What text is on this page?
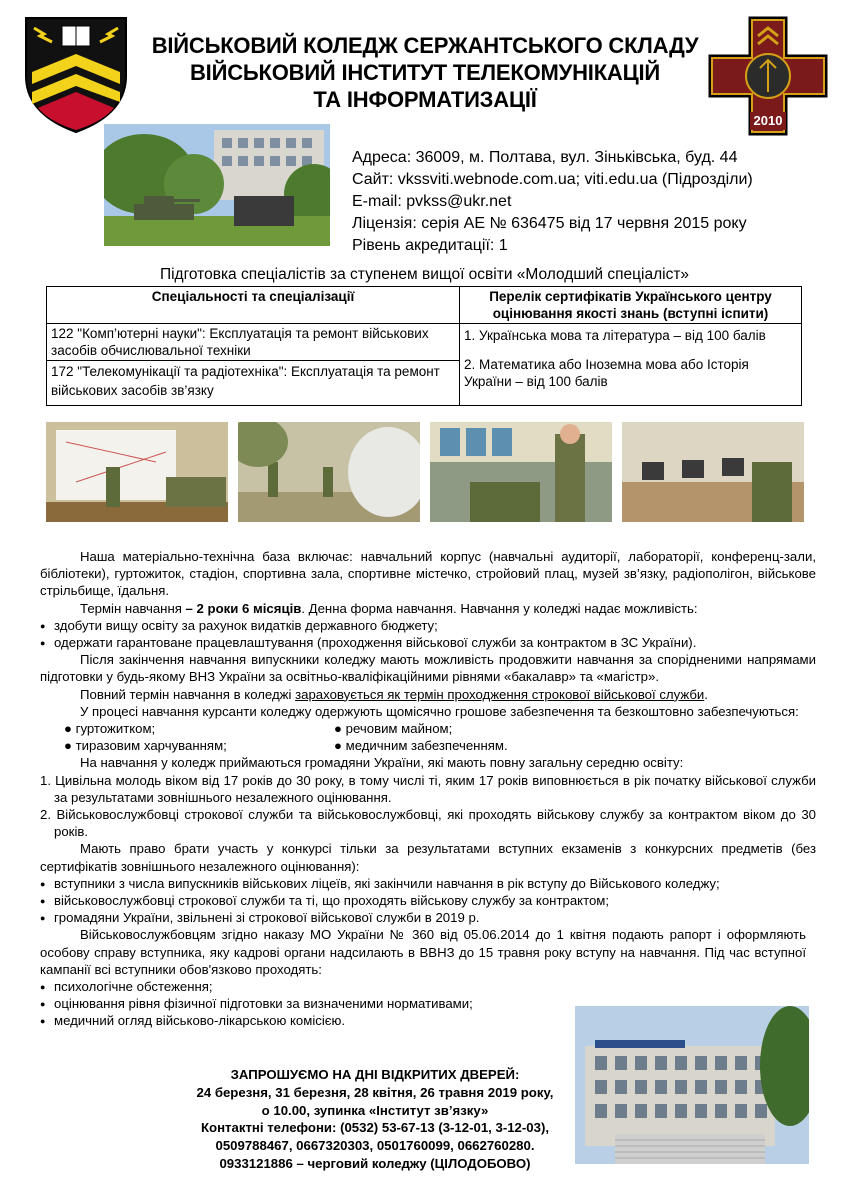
ВІЙСЬКОВИЙ КОЛЕДЖ СЕРЖАНТСЬКОГО СКЛАДУ
ВІЙСЬКОВИЙ ІНСТИТУТ ТЕЛЕКОМУНІКАЦІЙ
ТА ІНФОРМАТИЗАЦІЇ
2010
Адреса: 36009, м. Полтава, вул. Зіньківська, буд. 44
Сайт: vkssviti.webnode.com.ua; viti.edu.ua (Підрозділи)
E-mail: pvkss@ukr.net
Ліцензія: серія АЕ № 636475 від 17 червня 2015 року
Рівень акредитації: 1
Підготовка спеціалістів за ступенем вищої освіти «Молодший спеціаліст»
Спеціальності та спеціалізації	Перелік сертифікатів Українського центру оцінювання якості знань (вступні іспити)
122 "Комп’ютерні науки": Експлуатація та ремонт військових засобів обчислювальної техніки	1. Українська мова та література – від 100 балів
2. Математика або Іноземна мова або Історія України – від 100 балів

172 "Телекомунікації та радіотехніка": Експлуатація та ремонт військових засобів зв’язку	

Наша матеріально-технічна база включає: навчальний корпус (навчальні аудиторії, лабораторії, конференц-зали, бібліотеки), гуртожиток, стадіон, спортивна зала, спортивне містечко, стройовий плац, музей зв’язку, радіополігон, військове стрільбище, їдальня.

Термін навчання – 2 роки 6 місяців. Денна форма навчання. Навчання у коледжі надає можливість:

● здобути вищу освіту за рахунок видатків державного бюджету;

● одержати гарантоване працевлаштування (проходження військової служби за контрактом в ЗС України).

Після закінчення навчання випускники коледжу мають можливість продовжити навчання за спорідненими напрямами підготовки у будь-якому ВНЗ України за освітньо-кваліфікаційними рівнями «бакалавр» та «магістр».

Повний термін навчання в коледжі зараховується як термін проходження строкової військової служби.

У процесі навчання курсанти коледжу одержують щомісячно грошове забезпечення та безкоштовно забезпечуються:

● гуртожитком;	● речовим майном;
● тиразовим харчуванням;	● медичним забезпеченням.

На навчання у коледж приймаються громадяни України, які мають повну загальну середню освіту:

1. Цивільна молодь віком від 17 років до 30 року, в тому числі ті, яким 17 років виповнюється в рік початку військової служби за результатами зовнішнього незалежного оцінювання.

2. Військовослужбовці строкової служби та військовослужбовці, які проходять військову службу за контрактом віком до 30 років.

Мають право брати участь у конкурсі тільки за результатами вступних екзаменів з конкурсних предметів (без сертифікатів зовнішнього незалежного оцінювання):

● вступники з числа випускників військових ліцеїв, які закінчили навчання в рік вступу до Військового коледжу;

● військовослужбовці строкової служби та ті, що проходять військову службу за контрактом;

● громадяни України, звільнені зі строкової військової служби в 2019 р.

Військовослужбовцям згідно наказу МО України № 360 від 05.06.2014 до 1 квітня подають рапорт і оформляють особову справу вступника, яку кадрові органи надсилають в ВВНЗ до 15 травня року вступу на навчання. Під час вступної кампанії всі вступники обов'язково проходять:

● психологічне обстеження;

● оцінювання рівня фізичної підготовки за визначеними нормативами;

● медичний огляд військово-лікарською комісією.

ЗАПРОШУЄМО НА ДНІ ВІДКРИТИХ ДВЕРЕЙ:
24 березня, 31 березня, 28 квітня, 26 травня 2019 року,
о 10.00, зупинка «Інститут зв’язку»
Контактні телефони: (0532) 53-67-13 (3-12-01, 3-12-03),
0509788467, 0667320303, 0501760099, 0662760280.
0933121886 – черговий коледжу (ЦІЛОДОБОВО)
